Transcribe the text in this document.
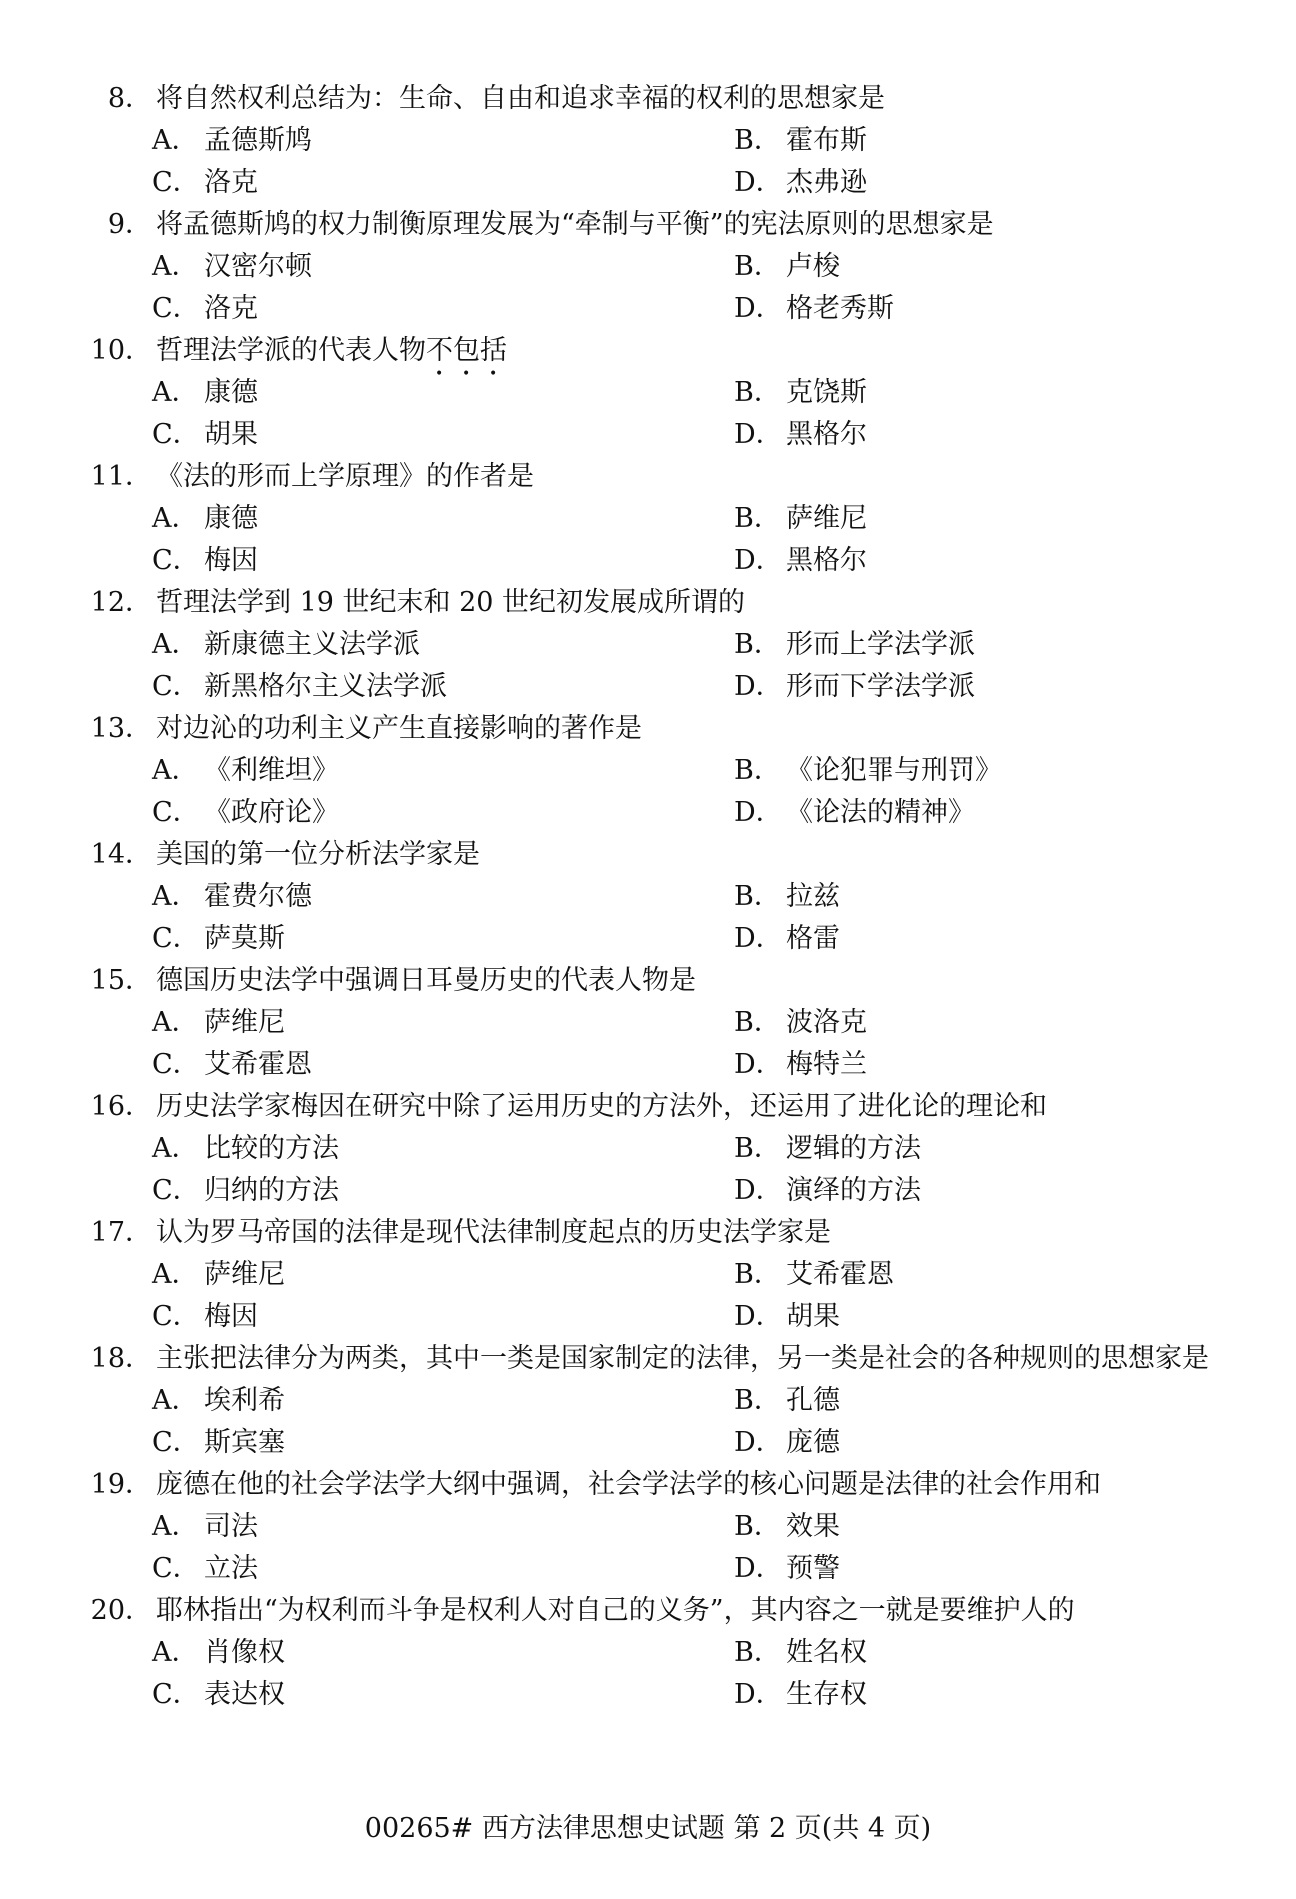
8． 将自然权利总结为：生命、自由和追求幸福的权利的思想家是
A． 孟德斯鸠	B． 霍布斯
C． 洛克	D． 杰弗逊
9． 将孟德斯鸠的权力制衡原理发展为“牵制与平衡”的宪法原则的思想家是
A． 汉密尔顿	B． 卢梭
C． 洛克	D． 格老秀斯
10． 哲理法学派的代表人物 不包括
A． 康德	B． 克饶斯
C． 胡果	D． 黑格尔
11． 《法的形而上学原理》的作者是
A． 康德	B． 萨维尼
C． 梅因	D． 黑格尔
12． 哲理法学到 19 世纪末和 20 世纪初发展成所谓的
A． 新康德主义法学派	B． 形而上学法学派
C． 新黑格尔主义法学派	D． 形而下学法学派
13． 对边沁的功利主义产生直接影响的著作是
A． 《利维坦》	B． 《论犯罪与刑罚》
C． 《政府论》	D． 《论法的精神》
14． 美国的第一位分析法学家是
A． 霍费尔德	B． 拉兹
C． 萨莫斯	D． 格雷
15． 德国历史法学中强调日耳曼历史的代表人物是
A． 萨维尼	B． 波洛克
C． 艾希霍恩	D． 梅特兰
16． 历史法学家梅因在研究中除了运用历史的方法外，还运用了进化论的理论和
A． 比较的方法	B． 逻辑的方法
C． 归纳的方法	D． 演绎的方法
17． 认为罗马帝国的法律是现代法律制度起点的历史法学家是
A． 萨维尼	B． 艾希霍恩
C． 梅因	D． 胡果
18． 主张把法律分为两类，其中一类是国家制定的法律，另一类是社会的各种规则的思想家是
A． 埃利希	B． 孔德
C． 斯宾塞	D． 庞德
19． 庞德在他的社会学法学大纲中强调，社会学法学的核心问题是法律的社会作用和
A． 司法	B． 效果
C． 立法	D． 预警
20． 耶林指出“为权利而斗争是权利人对自己的义务”，其内容之一就是要维护人的
A． 肖像权	B． 姓名权
C． 表达权	D． 生存权
00265# 西方法律思想史试题 第 2 页(共 4 页)
